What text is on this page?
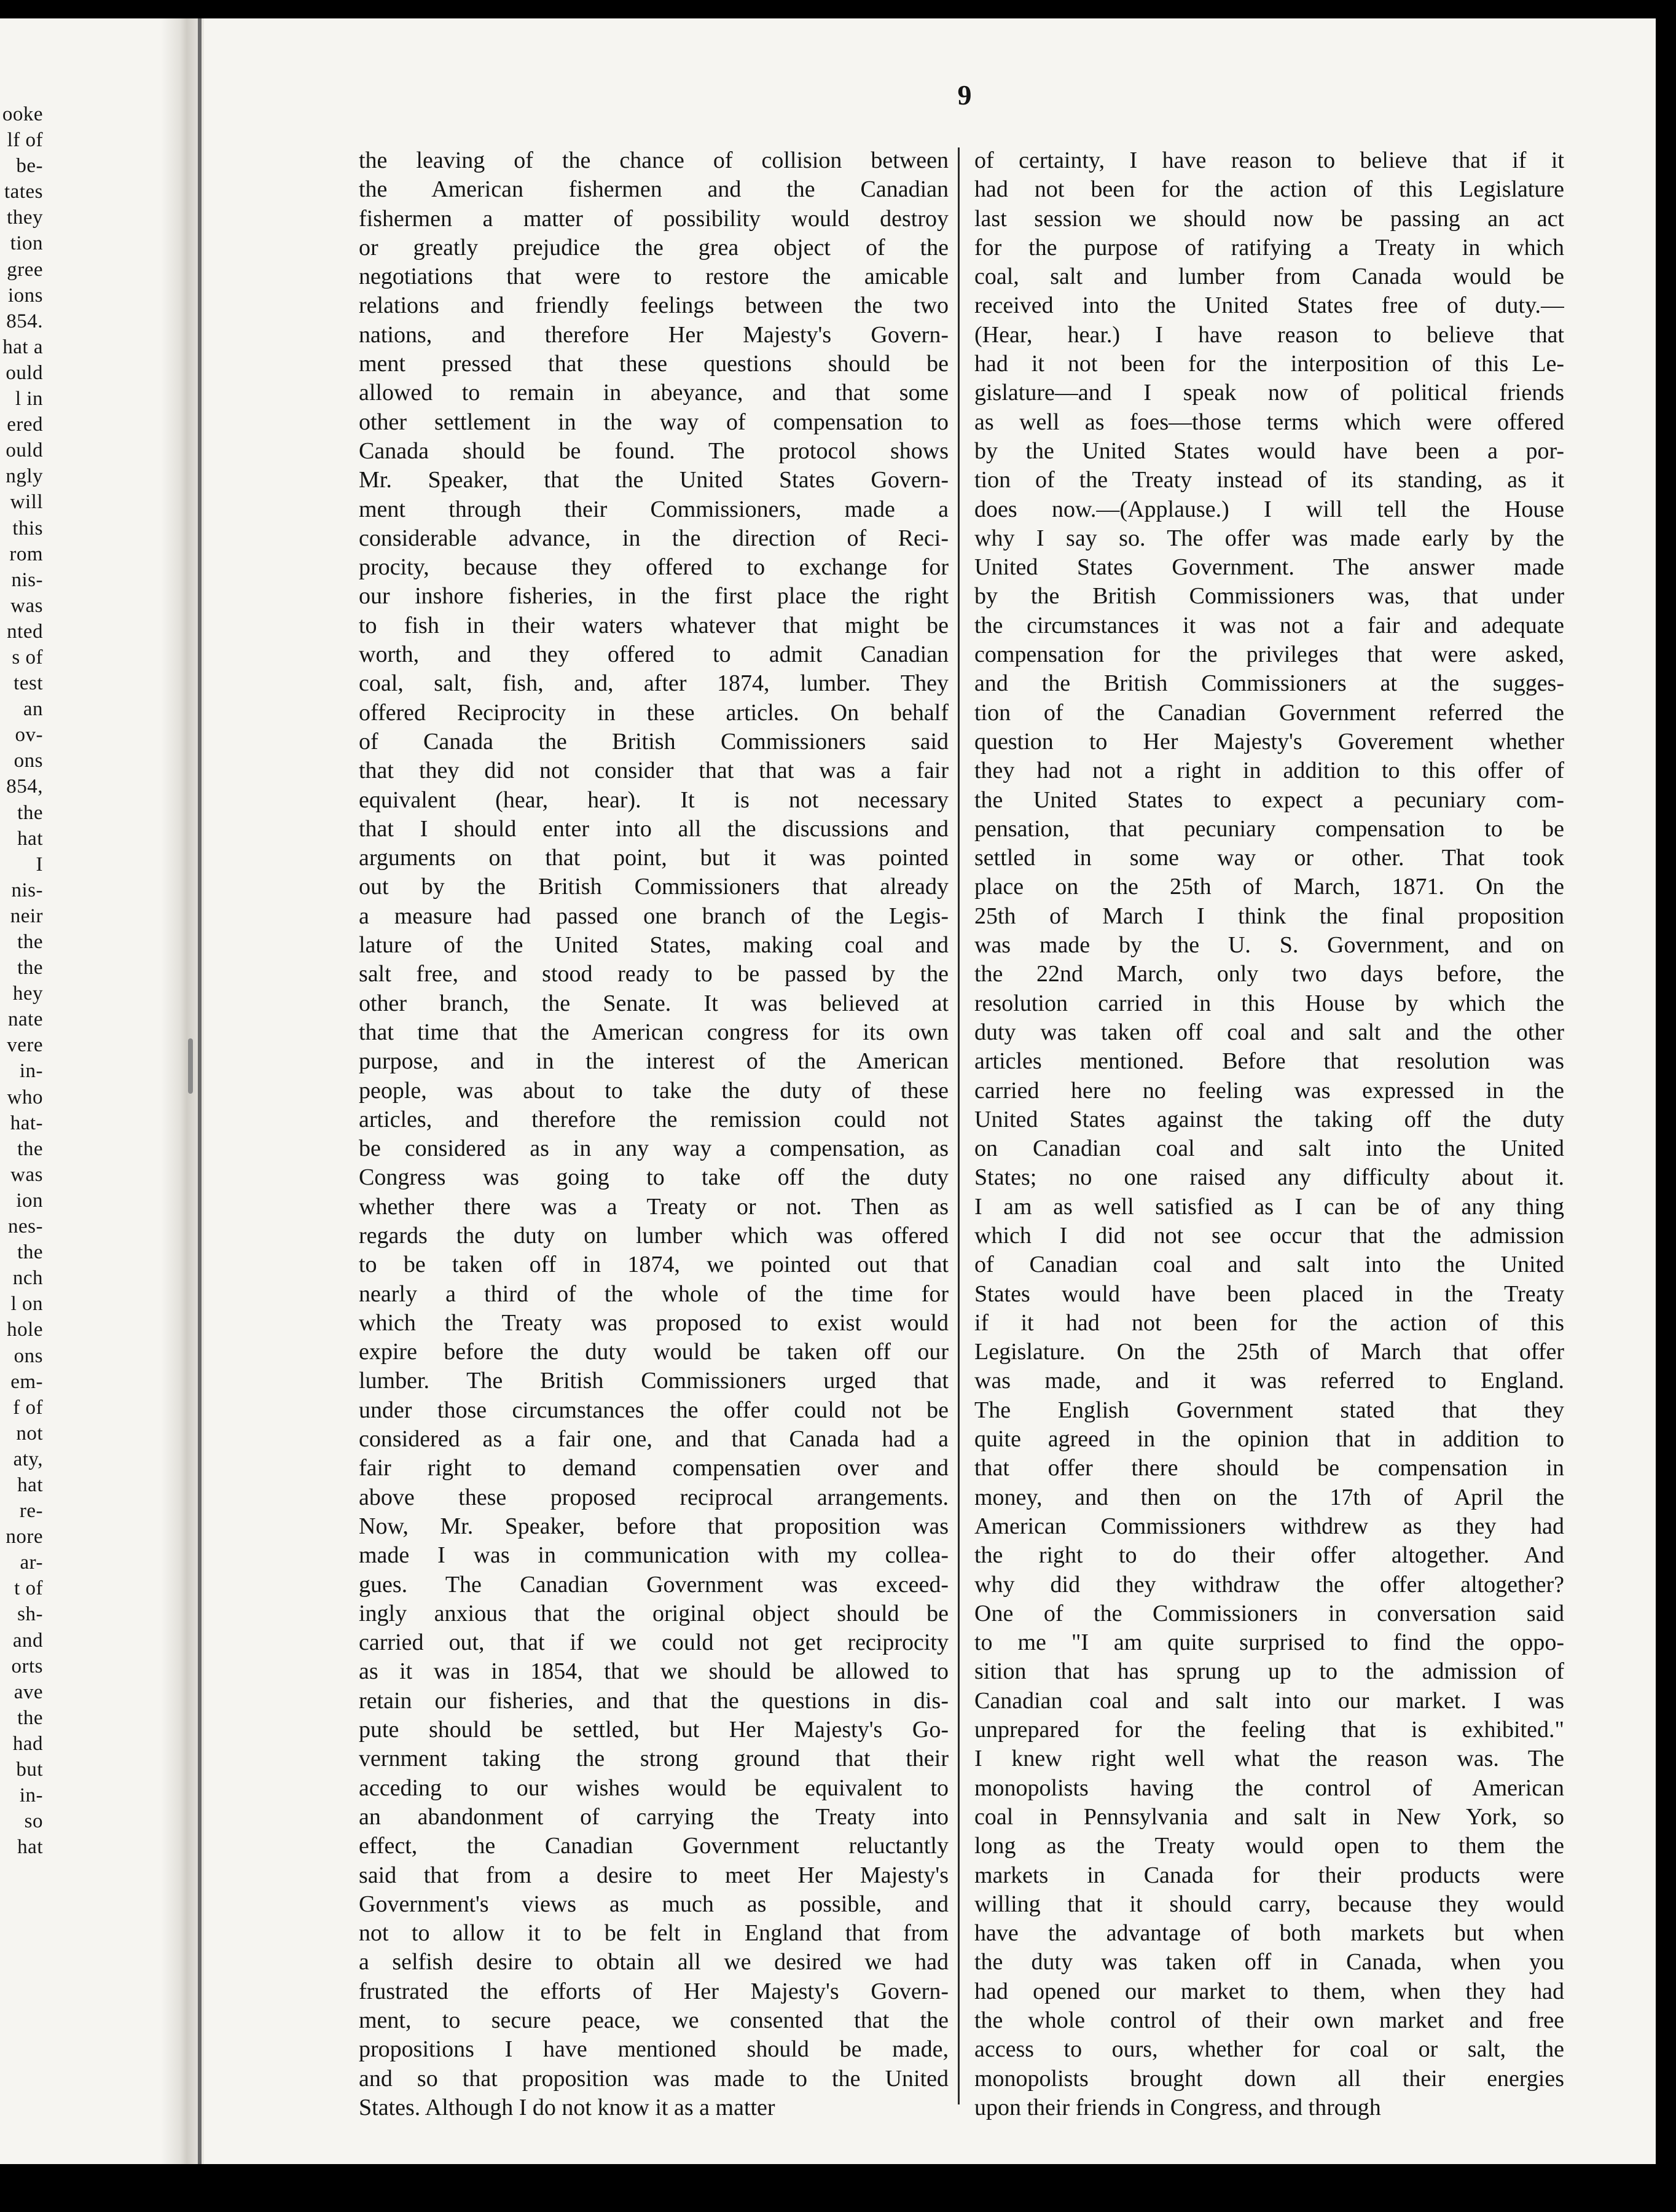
ooke
lf of
be-
tates
they
tion
gree
ions
854.
hat a
ould
l in
ered
ould
ngly
will
this
rom
nis-
was
nted
s of
test
an
ov-
ons
854,
the
hat
I
nis-
neir
the
the
hey
nate
vere
in-
who
hat-
the
was
ion
nes-
the
nch
l on
hole
ons
em-
f of
not
aty,
hat
re-
nore
ar-
t of
sh-
and
orts
ave
the
had
but
in-
so
hat
9
the leaving of the chance of collision between
the American fishermen and the Canadian
fishermen a matter of possibility would destroy
or greatly prejudice the grea object of the
negotiations that were to restore the amicable
relations and friendly feelings between the two
nations, and therefore Her Majesty's Govern-
ment pressed that these questions should be
allowed to remain in abeyance, and that some
other settlement in the way of compensation to
Canada should be found. The protocol shows
Mr. Speaker, that the United States Govern-
ment through their Commissioners, made a
considerable advance, in the direction of Reci-
procity, because they offered to exchange for
our inshore fisheries, in the first place the right
to fish in their waters whatever that might be
worth, and they offered to admit Canadian
coal, salt, fish, and, after 1874, lumber. They
offered Reciprocity in these articles. On behalf
of Canada the British Commissioners said
that they did not consider that that was a fair
equivalent (hear, hear). It is not necessary
that I should enter into all the discussions and
arguments on that point, but it was pointed
out by the British Commissioners that already
a measure had passed one branch of the Legis-
lature of the United States, making coal and
salt free, and stood ready to be passed by the
other branch, the Senate. It was believed at
that time that the American congress for its own
purpose, and in the interest of the American
people, was about to take the duty of these
articles, and therefore the remission could not
be considered as in any way a compensation, as
Congress was going to take off the duty
whether there was a Treaty or not. Then as
regards the duty on lumber which was offered
to be taken off in 1874, we pointed out that
nearly a third of the whole of the time for
which the Treaty was proposed to exist would
expire before the duty would be taken off our
lumber. The British Commissioners urged that
under those circumstances the offer could not be
considered as a fair one, and that Canada had a
fair right to demand compensatien over and
above these proposed reciprocal arrangements.
Now, Mr. Speaker, before that proposition was
made I was in communication with my collea-
gues. The Canadian Government was exceed-
ingly anxious that the original object should be
carried out, that if we could not get reciprocity
as it was in 1854, that we should be allowed to
retain our fisheries, and that the questions in dis-
pute should be settled, but Her Majesty's Go-
vernment taking the strong ground that their
acceding to our wishes would be equivalent to
an abandonment of carrying the Treaty into
effect, the Canadian Government reluctantly
said that from a desire to meet Her Majesty's
Government's views as much as possible, and
not to allow it to be felt in England that from
a selfish desire to obtain all we desired we had
frustrated the efforts of Her Majesty's Govern-
ment, to secure peace, we consented that the
propositions I have mentioned should be made,
and so that proposition was made to the United
States. Although I do not know it as a matter
of certainty, I have reason to believe that if it
had not been for the action of this Legislature
last session we should now be passing an act
for the purpose of ratifying a Treaty in which
coal, salt and lumber from Canada would be
received into the United States free of duty.—
(Hear, hear.) I have reason to believe that
had it not been for the interposition of this Le-
gislature—and I speak now of political friends
as well as foes—those terms which were offered
by the United States would have been a por-
tion of the Treaty instead of its standing, as it
does now.—(Applause.) I will tell the House
why I say so. The offer was made early by the
United States Government. The answer made
by the British Commissioners was, that under
the circumstances it was not a fair and adequate
compensation for the privileges that were asked,
and the British Commissioners at the sugges-
tion of the Canadian Government referred the
question to Her Majesty's Goverement whether
they had not a right in addition to this offer of
the United States to expect a pecuniary com-
pensation, that pecuniary compensation to be
settled in some way or other. That took
place on the 25th of March, 1871. On the
25th of March I think the final proposition
was made by the U. S. Government, and on
the 22nd March, only two days before, the
resolution carried in this House by which the
duty was taken off coal and salt and the other
articles mentioned. Before that resolution was
carried here no feeling was expressed in the
United States against the taking off the duty
on Canadian coal and salt into the United
States; no one raised any difficulty about it.
I am as well satisfied as I can be of any thing
which I did not see occur that the admission
of Canadian coal and salt into the United
States would have been placed in the Treaty
if it had not been for the action of this
Legislature. On the 25th of March that offer
was made, and it was referred to England.
The English Government stated that they
quite agreed in the opinion that in addition to
that offer there should be compensation in
money, and then on the 17th of April the
American Commissioners withdrew as they had
the right to do their offer altogether. And
why did they withdraw the offer altogether?
One of the Commissioners in conversation said
to me "I am quite surprised to find the oppo-
sition that has sprung up to the admission of
Canadian coal and salt into our market. I was
unprepared for the feeling that is exhibited."
I knew right well what the reason was. The
monopolists having the control of American
coal in Pennsylvania and salt in New York, so
long as the Treaty would open to them the
markets in Canada for their products were
willing that it should carry, because they would
have the advantage of both markets but when
the duty was taken off in Canada, when you
had opened our market to them, when they had
the whole control of their own market and free
access to ours, whether for coal or salt, the
monopolists brought down all their energies
upon their friends in Congress, and through
